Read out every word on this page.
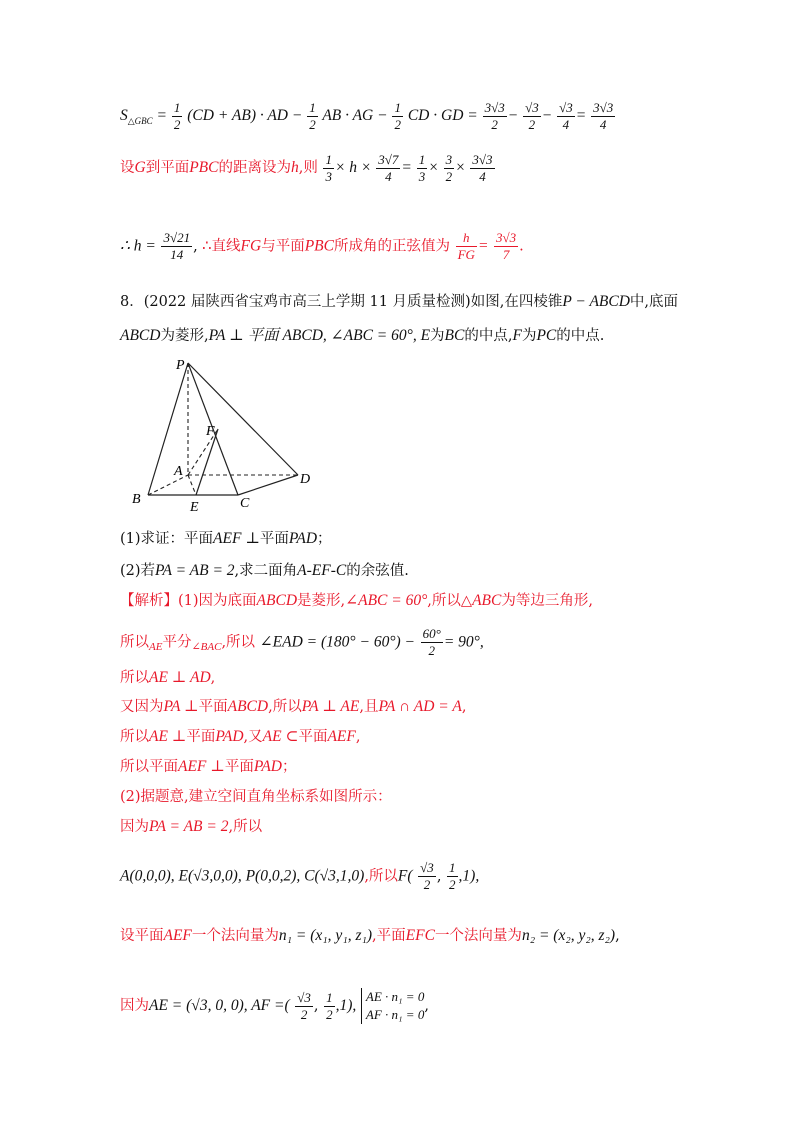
$S_{\triangle GBC} = \frac{1}{2} (CD + AB)$ · AD − $\frac{1}{2}$ AB · AG − $\frac{1}{2}$ CD · GD = $\frac{3√3}{2} - \frac{√3}{2} - \frac{√3}{4} = \frac{3√3}{4}$
设G到平面PBC的距离设为h,则 $\frac{1}{3} \times h \times \frac{3√7}{4} = \frac{1}{3} \times \frac{3}{2} \times \frac{3√3}{4}$
∴ $h = \frac{3√21}{14}$ , ∴直线FG与平面PBC所成角的正弦值为 $\frac{h}{FG} = \frac{3√3}{7}$ .
8．(2022 届陕西省宝鸡市高三上学期 11 月质量检测)如图,在四棱锥P − ABCD中,底面
ABCD为菱形,PA ⊥ 平面 ABCD, ∠ABC = 60°, E为BC的中点,F为PC的中点.
P
F
A
D
B
E	C
(1)求证：平面AEF ⊥平面PAD；
(2)若PA = AB = 2,求二面角A-EF-C的余弦值.
【解析】(1)因为底面ABCD是菱形,∠ABC = 60°,所以△ABC为等边三角形,
所以$_{AE}$平分$_{\angle BAC}$,所以 ∠EAD = $(180^\circ - 60^\circ) - \frac{60^\circ}{2} = 90^\circ$,
所以AE ⊥ AD,
又因为PA ⊥平面ABCD,所以PA ⊥ AE,且PA ∩ AD = A,
所以AE ⊥平面PAD,又AE ⊂平面AEF,
所以平面AEF ⊥平面PAD；
(2)据题意,建立空间直角坐标系如图所示：
因为PA = AB = 2,所以
A(0,0,0), E(√3,0,0), P(0,0,2), C(√3,1,0),所以$F( \frac{√3}{2}$ , $\frac{1}{2} ,1$),
设平面AEF一个法向量为n₁ = (x₁, y₁, z₁),平面EFC一个法向量为n₂ = (x₂, y₂, z₂),
因为AE = (√3, 0, 0), AF =( $\frac{√3}{2}$ , $\frac{1}{2} ,1$),
AE · n₁ = 0
AF · n₁ = 0
,
